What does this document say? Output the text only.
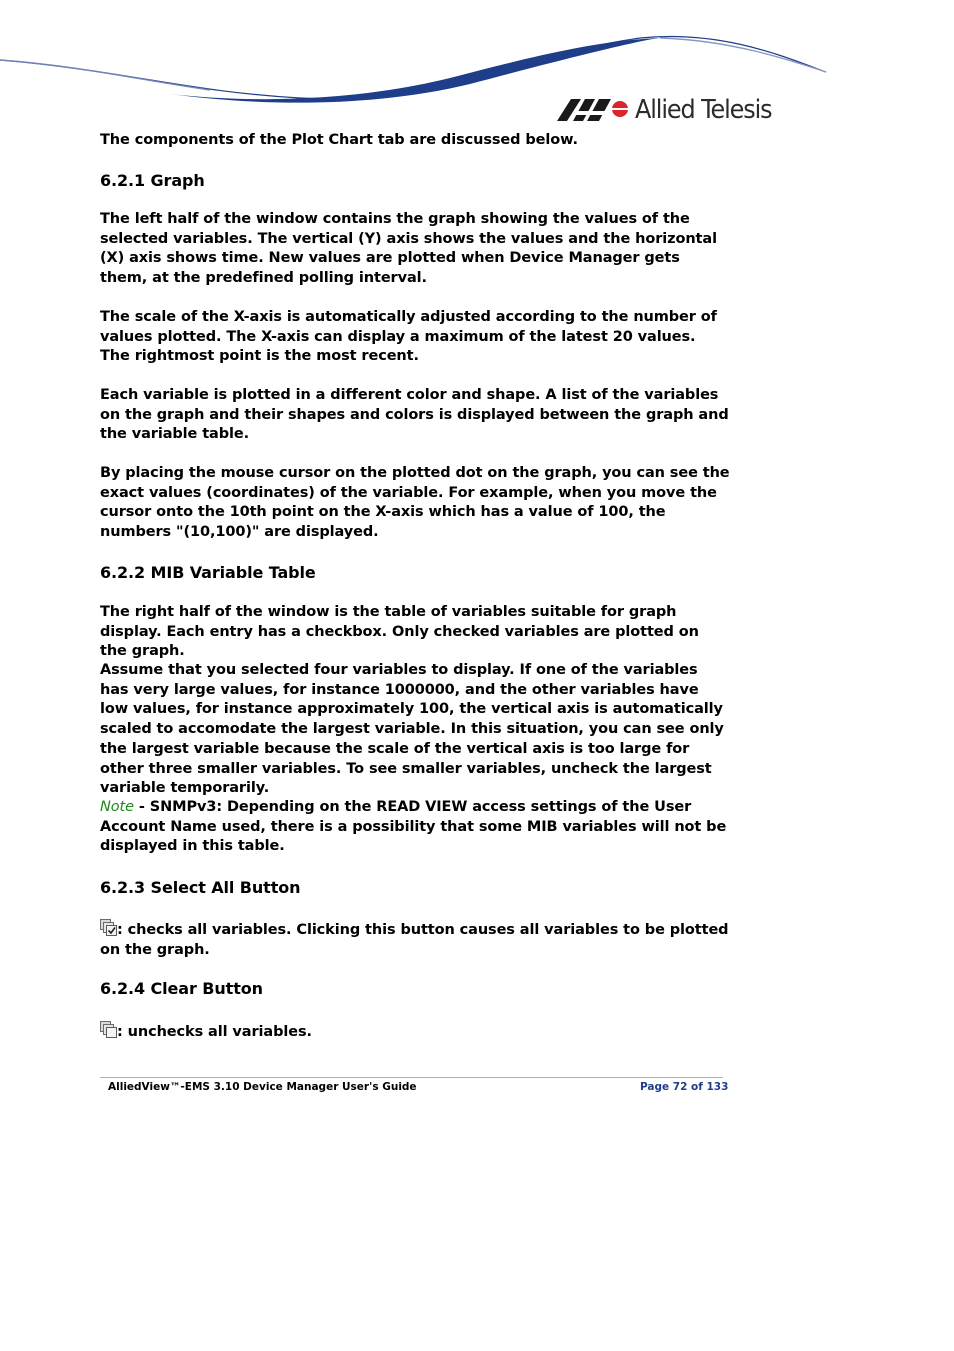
Allied Telesis

The components of the Plot Chart tab are discussed below.

6.2.1 Graph

The left half of the window contains the graph showing the values of the selected variables. The vertical (Y) axis shows the values and the horizontal (X) axis shows time. New values are plotted when Device Manager gets them, at the predefined polling interval.

The scale of the X-axis is automatically adjusted according to the number of values plotted. The X-axis can display a maximum of the latest 20 values. The rightmost point is the most recent.

Each variable is plotted in a different color and shape. A list of the variables on the graph and their shapes and colors is displayed between the graph and the variable table.

By placing the mouse cursor on the plotted dot on the graph, you can see the exact values (coordinates) of the variable. For example, when you move the cursor onto the 10th point on the X-axis which has a value of 100, the numbers "(10,100)" are displayed.

6.2.2 MIB Variable Table

The right half of the window is the table of variables suitable for graph display. Each entry has a checkbox. Only checked variables are plotted on the graph.

Assume that you selected four variables to display. If one of the variables has very large values, for instance 1000000, and the other variables have low values, for instance approximately 100, the vertical axis is automatically scaled to accomodate the largest variable. In this situation, you can see only the largest variable because the scale of the vertical axis is too large for other three smaller variables. To see smaller variables, uncheck the largest variable temporarily.

Note - SNMPv3: Depending on the READ VIEW access settings of the User Account Name used, there is a possibility that some MIB variables will not be displayed in this table.

6.2.3 Select All Button

: checks all variables. Clicking this button causes all variables to be plotted on the graph.

6.2.4 Clear Button

: unchecks all variables.

AlliedView™-EMS 3.10 Device Manager User's Guide	Page 72 of 133
